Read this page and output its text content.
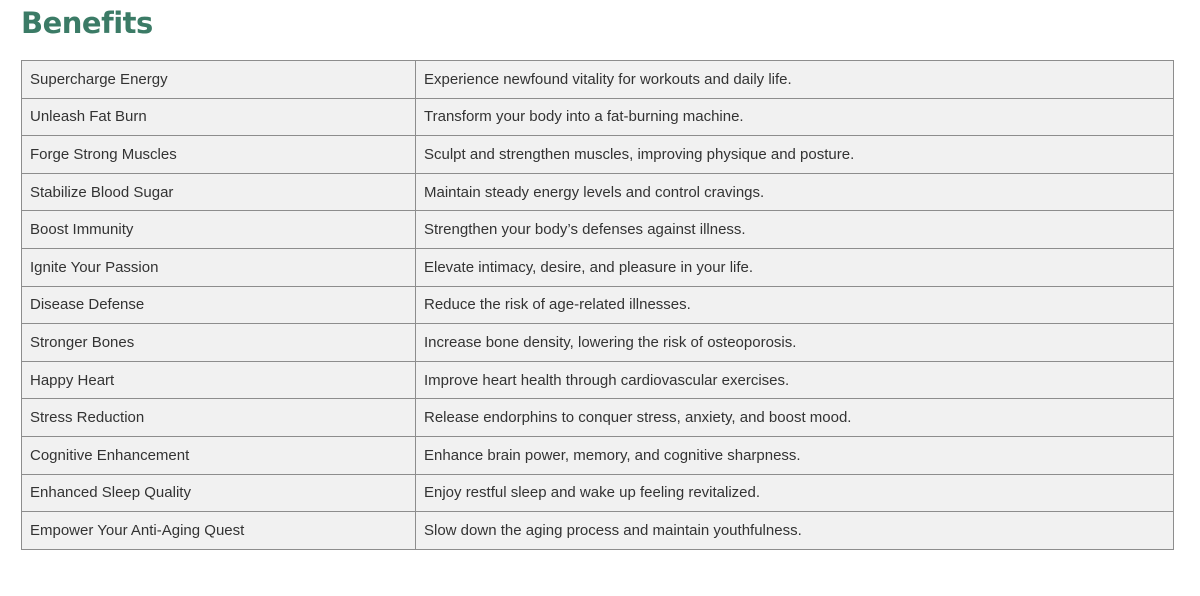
Benefits
Supercharge Energy	Experience newfound vitality for workouts and daily life.
Unleash Fat Burn	Transform your body into a fat-burning machine.
Forge Strong Muscles	Sculpt and strengthen muscles, improving physique and posture.
Stabilize Blood Sugar	Maintain steady energy levels and control cravings.
Boost Immunity	Strengthen your body’s defenses against illness.
Ignite Your Passion	Elevate intimacy, desire, and pleasure in your life.
Disease Defense	Reduce the risk of age-related illnesses.
Stronger Bones	Increase bone density, lowering the risk of osteoporosis.
Happy Heart	Improve heart health through cardiovascular exercises.
Stress Reduction	Release endorphins to conquer stress, anxiety, and boost mood.
Cognitive Enhancement	Enhance brain power, memory, and cognitive sharpness.
Enhanced Sleep Quality	Enjoy restful sleep and wake up feeling revitalized.
Empower Your Anti-Aging Quest	Slow down the aging process and maintain youthfulness.
